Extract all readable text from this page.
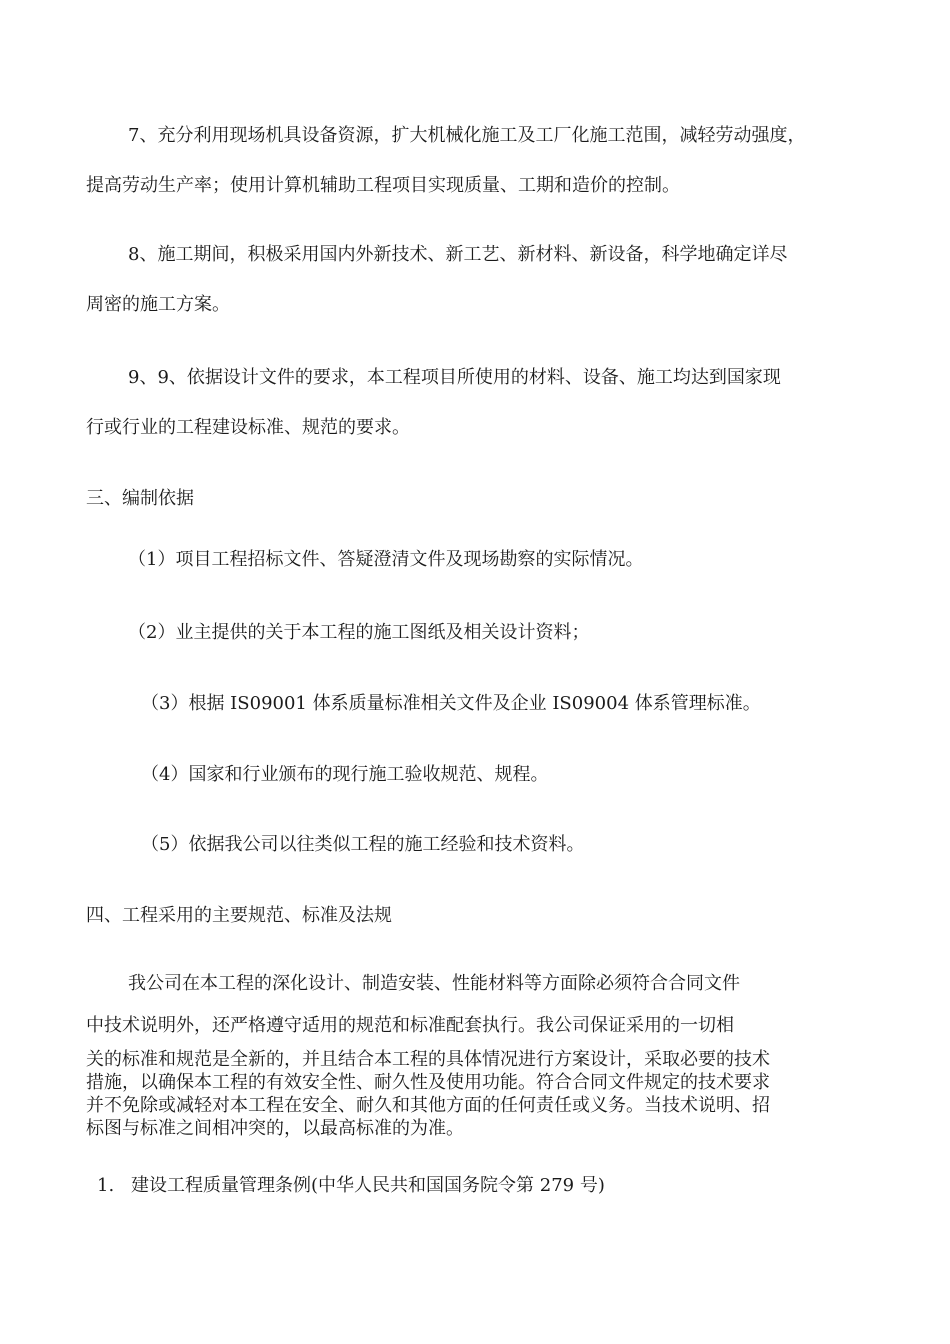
7、充分利用现场机具设备资源，扩大机械化施工及工厂化施工范围，减轻劳动强度，
提高劳动生产率；使用计算机辅助工程项目实现质量、工期和造价的控制。
8、施工期间，积极采用国内外新技术、新工艺、新材料、新设备，科学地确定详尽
周密的施工方案。
9、9、依据设计文件的要求，本工程项目所使用的材料、设备、施工均达到国家现
行或行业的工程建设标准、规范的要求。
三、编制依据
（1）项目工程招标文件、答疑澄清文件及现场勘察的实际情况。
（2）业主提供的关于本工程的施工图纸及相关设计资料；
（3）根据 IS09001 体系质量标准相关文件及企业 IS09004 体系管理标准。
（4）国家和行业颁布的现行施工验收规范、规程。
（5）依据我公司以往类似工程的施工经验和技术资料。
四、工程采用的主要规范、标准及法规
我公司在本工程的深化设计、制造安装、性能材料等方面除必须符合合同文件
中技术说明外，还严格遵守适用的规范和标准配套执行。我公司保证采用的一切相
关的标准和规范是全新的，并且结合本工程的具体情况进行方案设计，采取必要的技术
措施，以确保本工程的有效安全性、耐久性及使用功能。符合合同文件规定的技术要求
并不免除或减轻对本工程在安全、耐久和其他方面的任何责任或义务。当技术说明、招
标图与标准之间相冲突的，以最高标准的为准。
1. 建设工程质量管理条例(中华人民共和国国务院令第 279 号)
